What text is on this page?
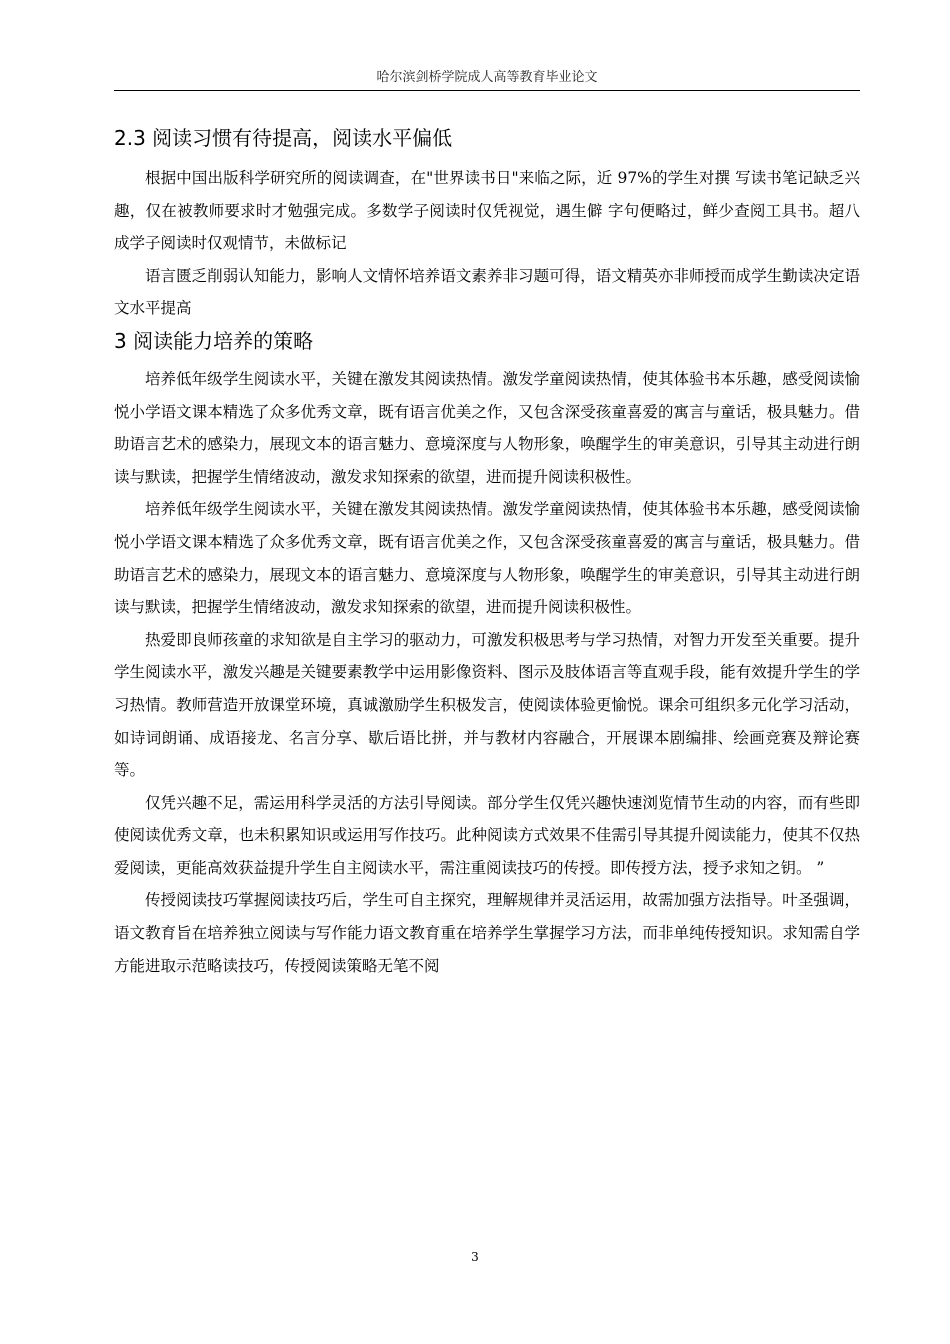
哈尔滨剑桥学院成人高等教育毕业论文
2.3 阅读习惯有待提高，阅读水平偏低

根据中国出版科学研究所的阅读调查，在"世界读书日"来临之际，近 97%的学生对撰 写读书笔记缺乏兴趣，仅在被教师要求时才勉强完成。多数学子阅读时仅凭视觉，遇生僻 字句便略过，鲜少查阅工具书。超八成学子阅读时仅观情节，未做标记

语言匮乏削弱认知能力，影响人文情怀培养语文素养非习题可得，语文精英亦非师授而成学生勤读决定语文水平提高

3 阅读能力培养的策略

培养低年级学生阅读水平，关键在激发其阅读热情。激发学童阅读热情，使其体验书本乐趣，感受阅读愉悦小学语文课本精选了众多优秀文章，既有语言优美之作，又包含深受孩童喜爱的寓言与童话，极具魅力。借助语言艺术的感染力，展现文本的语言魅力、意境深度与人物形象，唤醒学生的审美意识，引导其主动进行朗读与默读，把握学生情绪波动，激发求知探索的欲望，进而提升阅读积极性。

培养低年级学生阅读水平，关键在激发其阅读热情。激发学童阅读热情，使其体验书本乐趣，感受阅读愉悦小学语文课本精选了众多优秀文章，既有语言优美之作，又包含深受孩童喜爱的寓言与童话，极具魅力。借助语言艺术的感染力，展现文本的语言魅力、意境深度与人物形象，唤醒学生的审美意识，引导其主动进行朗读与默读，把握学生情绪波动，激发求知探索的欲望，进而提升阅读积极性。

热爱即良师孩童的求知欲是自主学习的驱动力，可激发积极思考与学习热情，对智力开发至关重要。提升学生阅读水平，激发兴趣是关键要素教学中运用影像资料、图示及肢体语言等直观手段，能有效提升学生的学习热情。教师营造开放课堂环境，真诚激励学生积极发言，使阅读体验更愉悦。课余可组织多元化学习活动，如诗词朗诵、成语接龙、名言分享、歇后语比拼，并与教材内容融合，开展课本剧编排、绘画竞赛及辩论赛等。

仅凭兴趣不足，需运用科学灵活的方法引导阅读。部分学生仅凭兴趣快速浏览情节生动的内容，而有些即使阅读优秀文章，也未积累知识或运用写作技巧。此种阅读方式效果不佳需引导其提升阅读能力，使其不仅热爱阅读，更能高效获益提升学生自主阅读水平，需注重阅读技巧的传授。即传授方法，授予求知之钥。 ”

传授阅读技巧掌握阅读技巧后，学生可自主探究，理解规律并灵活运用，故需加强方法指导。叶圣强调，语文教育旨在培养独立阅读与写作能力语文教育重在培养学生掌握学习方法，而非单纯传授知识。求知需自学方能进取示范略读技巧，传授阅读策略无笔不阅

3
